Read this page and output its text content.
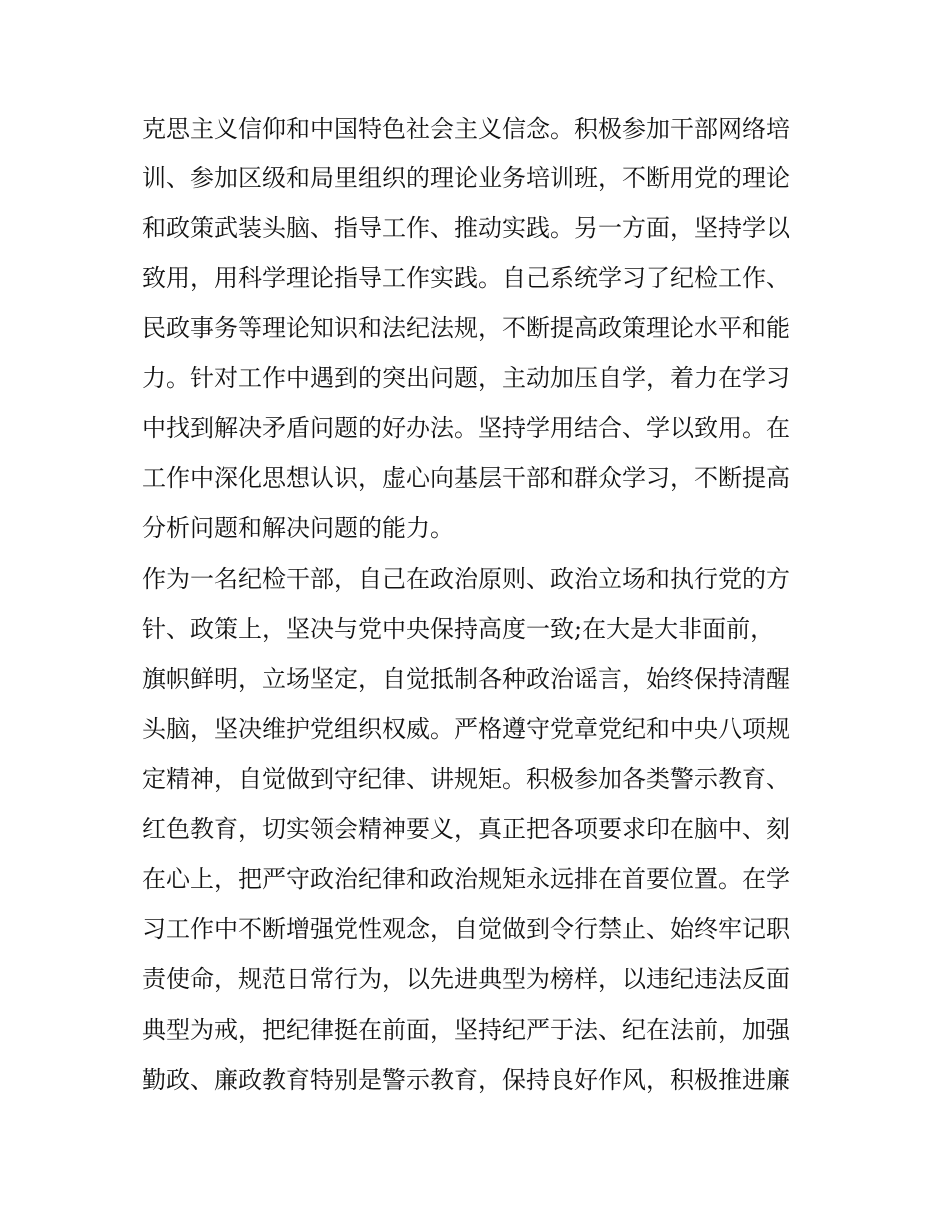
克思主义信仰和中国特色社会主义信念。积极参加干部网络培
训、参加区级和局里组织的理论业务培训班，不断用党的理论
和政策武装头脑、指导工作、推动实践。另一方面，坚持学以
致用，用科学理论指导工作实践。自己系统学习了纪检工作、
民政事务等理论知识和法纪法规，不断提高政策理论水平和能
力。针对工作中遇到的突出问题，主动加压自学，着力在学习
中找到解决矛盾问题的好办法。坚持学用结合、学以致用。在
工作中深化思想认识，虚心向基层干部和群众学习，不断提高
分析问题和解决问题的能力。
作为一名纪检干部，自己在政治原则、政治立场和执行党的方
针、政策上，坚决与党中央保持高度一致;在大是大非面前，
旗帜鲜明，立场坚定，自觉抵制各种政治谣言，始终保持清醒
头脑，坚决维护党组织权威。严格遵守党章党纪和中央八项规
定精神，自觉做到守纪律、讲规矩。积极参加各类警示教育、
红色教育，切实领会精神要义，真正把各项要求印在脑中、刻
在心上，把严守政治纪律和政治规矩永远排在首要位置。在学
习工作中不断增强党性观念，自觉做到令行禁止、始终牢记职
责使命，规范日常行为，以先进典型为榜样，以违纪违法反面
典型为戒，把纪律挺在前面，坚持纪严于法、纪在法前，加强
勤政、廉政教育特别是警示教育，保持良好作风，积极推进廉
